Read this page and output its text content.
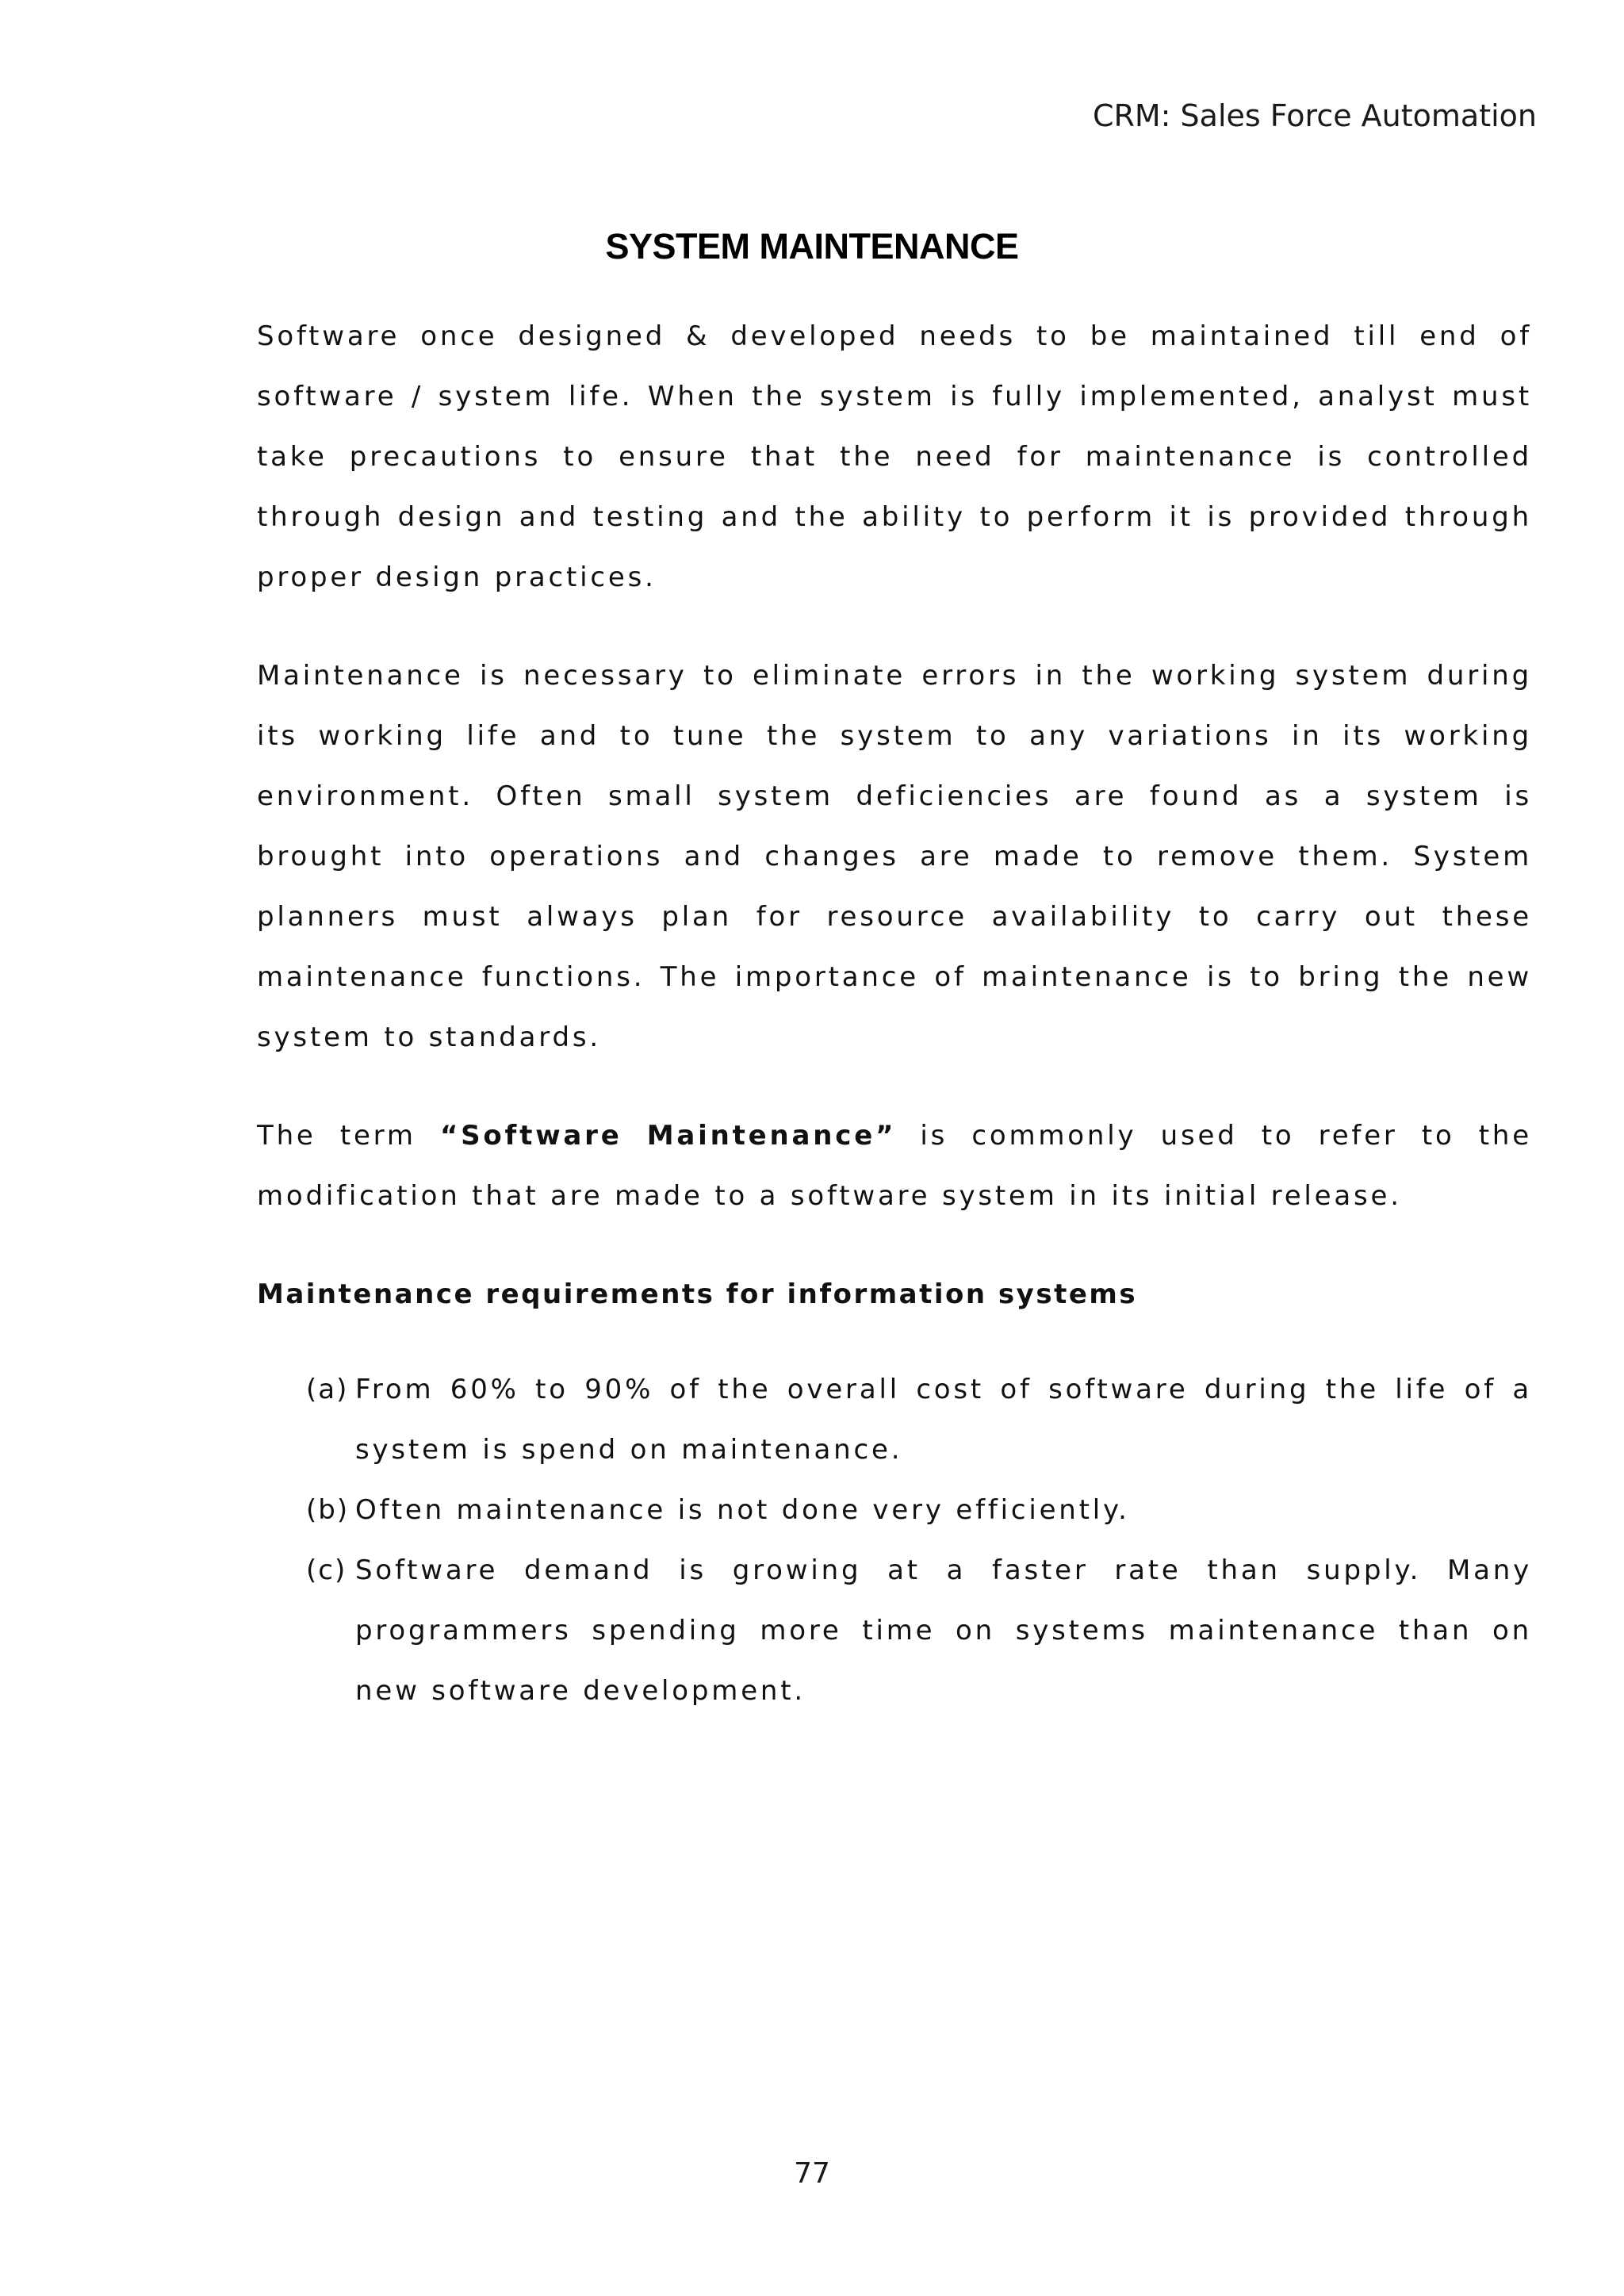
CRM: Sales Force Automation
SYSTEM MAINTENANCE

Software once designed & developed needs to be maintained till end of software / system life. When the system is fully implemented, analyst must take precautions to ensure that the need for maintenance is controlled through design and testing and the ability to perform it is provided through proper design practices.

Maintenance is necessary to eliminate errors in the working system during its working life and to tune the system to any variations in its working environment. Often small system deficiencies are found as a system is brought into operations and changes are made to remove them. System planners must always plan for resource availability to carry out these maintenance functions. The importance of maintenance is to bring the new system to standards.

The term “Software Maintenance” is commonly used to refer to the modification that are made to a software system in its initial release.

Maintenance requirements for information systems
(a) From 60% to 90% of the overall cost of software during the life of a system is spend on maintenance.
(b) Often maintenance is not done very efficiently.
(c) Software demand is growing at a faster rate than supply. Many programmers spending more time on systems maintenance than on new software development.
77
